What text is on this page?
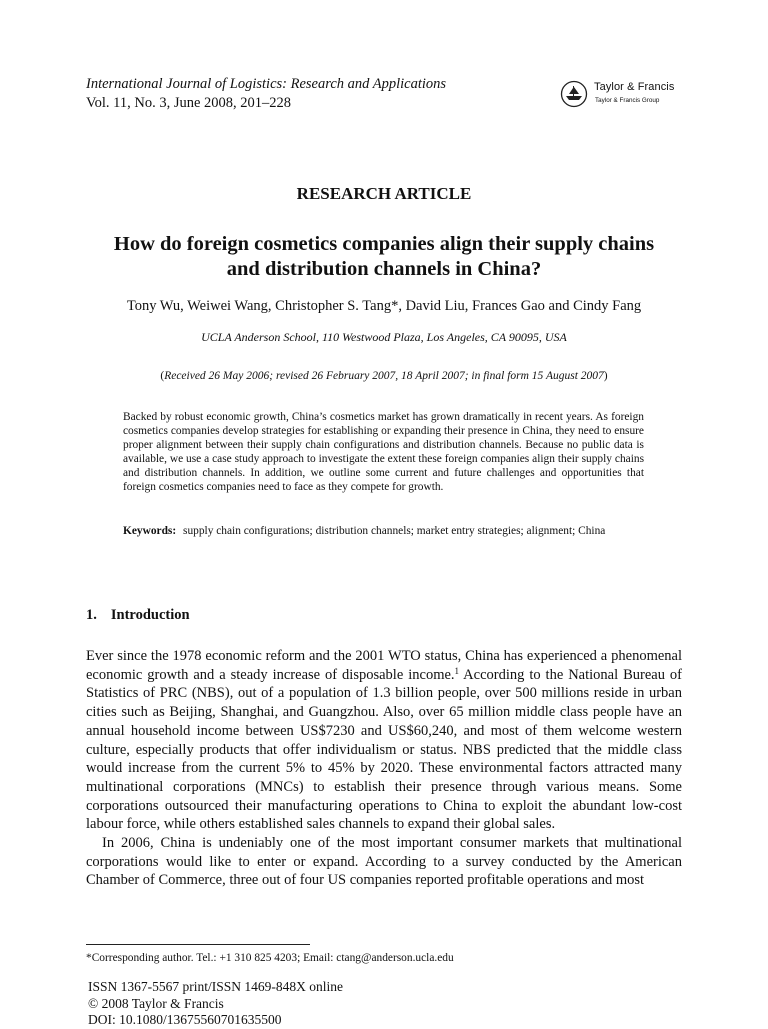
International Journal of Logistics: Research and Applications
Vol. 11, No. 3, June 2008, 201–228
Taylor & Francis
Taylor & Francis Group
RESEARCH ARTICLE
How do foreign cosmetics companies align their supply chains
and distribution channels in China?
Tony Wu, Weiwei Wang, Christopher S. Tang*, David Liu, Frances Gao and Cindy Fang
UCLA Anderson School, 110 Westwood Plaza, Los Angeles, CA 90095, USA
(Received 26 May 2006; revised 26 February 2007, 18 April 2007; in final form 15 August 2007)
Backed by robust economic growth, China’s cosmetics market has grown dramatically in recent years. As foreign cosmetics companies develop strategies for establishing or expanding their presence in China, they need to ensure proper alignment between their supply chain configurations and distribution channels. Because no public data is available, we use a case study approach to investigate the extent these foreign companies align their supply chains and distribution channels. In addition, we outline some current and future challenges and opportunities that foreign cosmetics companies need to face as they compete for growth.
Keywords: supply chain configurations; distribution channels; market entry strategies; alignment; China
1. Introduction

Ever since the 1978 economic reform and the 2001 WTO status, China has experienced a phenomenal economic growth and a steady increase of disposable income.$^1$ According to the National Bureau of Statistics of PRC (NBS), out of a population of 1.3 billion people, over 500 millions reside in urban cities such as Beijing, Shanghai, and Guangzhou. Also, over 65 million middle class people have an annual household income between US$7230 and US$60,240, and most of them welcome western culture, especially products that offer individualism or status. NBS predicted that the middle class would increase from the current 5% to 45% by 2020. These environmental factors attracted many multinational corporations (MNCs) to establish their presence through various means. Some corporations outsourced their manufacturing operations to China to exploit the abundant low-cost labour force, while others established sales channels to expand their global sales.

In 2006, China is undeniably one of the most important consumer markets that multinational corporations would like to enter or expand. According to a survey conducted by the American Chamber of Commerce, three out of four US companies reported profitable operations and most

*Corresponding author. Tel.: +1 310 825 4203; Email: ctang@anderson.ucla.edu
ISSN 1367-5567 print/ISSN 1469-848X online
© 2008 Taylor & Francis
DOI: 10.1080/13675560701635500
